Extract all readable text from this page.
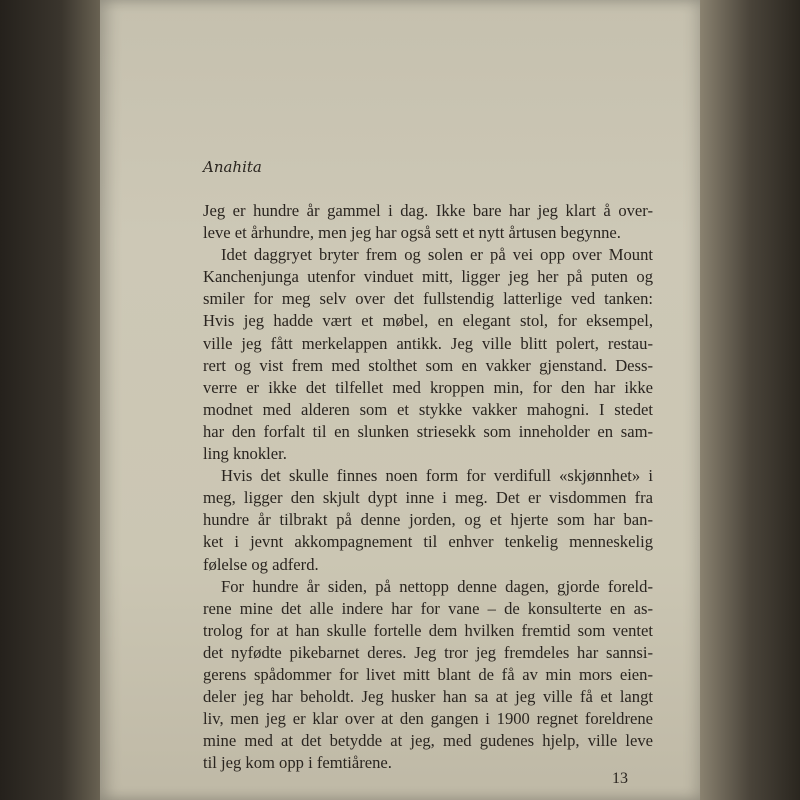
Anahita
Jeg er hundre år gammel i dag. Ikke bare har jeg klart å over-
leve et århundre, men jeg har også sett et nytt årtusen begynne.
Idet daggryet bryter frem og solen er på vei opp over Mount
Kanchenjunga utenfor vinduet mitt, ligger jeg her på puten og
smiler for meg selv over det fullstendig latterlige ved tanken:
Hvis jeg hadde vært et møbel, en elegant stol, for eksempel,
ville jeg fått merkelappen antikk. Jeg ville blitt polert, restau-
rert og vist frem med stolthet som en vakker gjenstand. Dess-
verre er ikke det tilfellet med kroppen min, for den har ikke
modnet med alderen som et stykke vakker mahogni. I stedet
har den forfalt til en slunken striesekk som inneholder en sam-
ling knokler.
Hvis det skulle finnes noen form for verdifull «skjønnhet» i
meg, ligger den skjult dypt inne i meg. Det er visdommen fra
hundre år tilbrakt på denne jorden, og et hjerte som har ban-
ket i jevnt akkompagnement til enhver tenkelig menneskelig
følelse og adferd.
For hundre år siden, på nettopp denne dagen, gjorde foreld-
rene mine det alle indere har for vane – de konsulterte en as-
trolog for at han skulle fortelle dem hvilken fremtid som ventet
det nyfødte pikebarnet deres. Jeg tror jeg fremdeles har sannsi-
gerens spådommer for livet mitt blant de få av min mors eien-
deler jeg har beholdt. Jeg husker han sa at jeg ville få et langt
liv, men jeg er klar over at den gangen i 1900 regnet foreldrene
mine med at det betydde at jeg, med gudenes hjelp, ville leve
til jeg kom opp i femtiårene.
13
